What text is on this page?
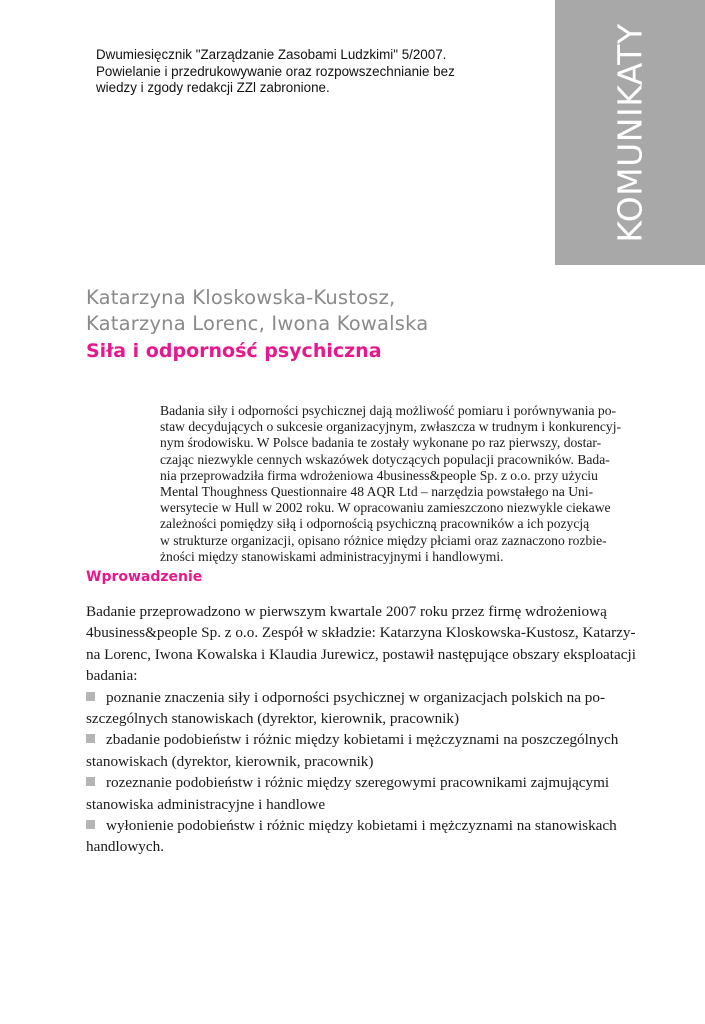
Dwumiesięcznik "Zarządzanie Zasobami Ludzkimi" 5/2007.
Powielanie i przedrukowywanie oraz rozpowszechnianie bez
wiedzy i zgody redakcji ZZl zabronione.	KOMUNIKATY
Katarzyna Kloskowska-Kustosz,
Katarzyna Lorenc, Iwona Kowalska
Siła i odporność psychiczna
Badania siły i odporności psychicznej dają możliwość pomiaru i porównywania po-
staw decydujących o sukcesie organizacyjnym, zwłaszcza w trudnym i konkurencyj-
nym środowisku. W Polsce badania te zostały wykonane po raz pierwszy, dostar-
czając niezwykle cennych wskazówek dotyczących populacji pracowników. Bada-
nia przeprowadziła firma wdrożeniowa 4business&people Sp. z o.o. przy użyciu
Mental Thoughness Questionnaire 48 AQR Ltd – narzędzia powstałego na Uni-
wersytecie w Hull w 2002 roku. W opracowaniu zamieszczono niezwykle ciekawe
zależności pomiędzy siłą i odpornością psychiczną pracowników a ich pozycją
w strukturze organizacji, opisano różnice między płciami oraz zaznaczono rozbie-
żności między stanowiskami administracyjnymi i handlowymi.
Wprowadzenie
Badanie przeprowadzono w pierwszym kwartale 2007 roku przez firmę wdrożeniową
4business&people Sp. z o.o. Zespół w składzie: Katarzyna Kloskowska-Kustosz, Katarzy-
na Lorenc, Iwona Kowalska i Klaudia Jurewicz, postawił następujące obszary eksploatacji
badania:
poznanie znaczenia siły i odporności psychicznej w organizacjach polskich na po-
szczególnych stanowiskach (dyrektor, kierownik, pracownik)
zbadanie podobieństw i różnic między kobietami i mężczyznami na poszczególnych
stanowiskach (dyrektor, kierownik, pracownik)
rozeznanie podobieństw i różnic między szeregowymi pracownikami zajmującymi
stanowiska administracyjne i handlowe
wyłonienie podobieństw i różnic między kobietami i mężczyznami na stanowiskach
handlowych.
